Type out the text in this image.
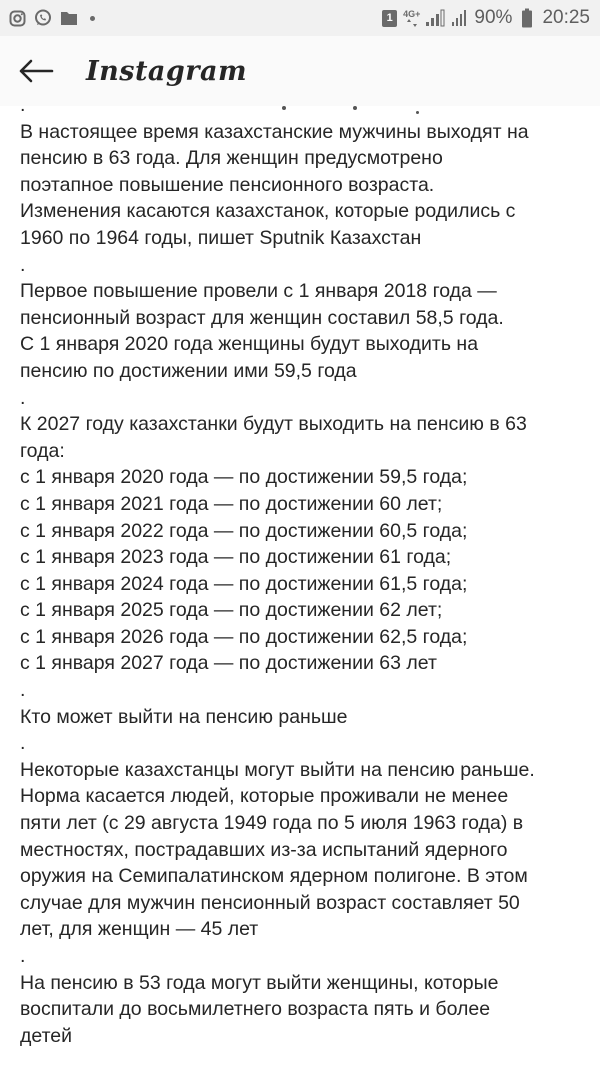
1	4G+	90% 20:25
Instagram
.
В настоящее время казахстанские мужчины выходят на
пенсию в 63 года. Для женщин предусмотрено
поэтапное повышение пенсионного возраста.
Изменения касаются казахстанок, которые родились с
1960 по 1964 годы, пишет Sputnik Казахстан
.
Первое повышение провели с 1 января 2018 года —
пенсионный возраст для женщин составил 58,5 года.
С 1 января 2020 года женщины будут выходить на
пенсию по достижении ими 59,5 года
.
К 2027 году казахстанки будут выходить на пенсию в 63
года:
с 1 января 2020 года — по достижении 59,5 года;
с 1 января 2021 года — по достижении 60 лет;
с 1 января 2022 года — по достижении 60,5 года;
с 1 января 2023 года — по достижении 61 года;
с 1 января 2024 года — по достижении 61,5 года;
с 1 января 2025 года — по достижении 62 лет;
с 1 января 2026 года — по достижении 62,5 года;
с 1 января 2027 года — по достижении 63 лет
.
Кто может выйти на пенсию раньше
.
Некоторые казахстанцы могут выйти на пенсию раньше.
Норма касается людей, которые проживали не менее
пяти лет (с 29 августа 1949 года по 5 июля 1963 года) в
местностях, пострадавших из-за испытаний ядерного
оружия на Семипалатинском ядерном полигоне. В этом
случае для мужчин пенсионный возраст составляет 50
лет, для женщин — 45 лет
.
На пенсию в 53 года могут выйти женщины, которые
воспитали до восьмилетнего возраста пять и более
детей
